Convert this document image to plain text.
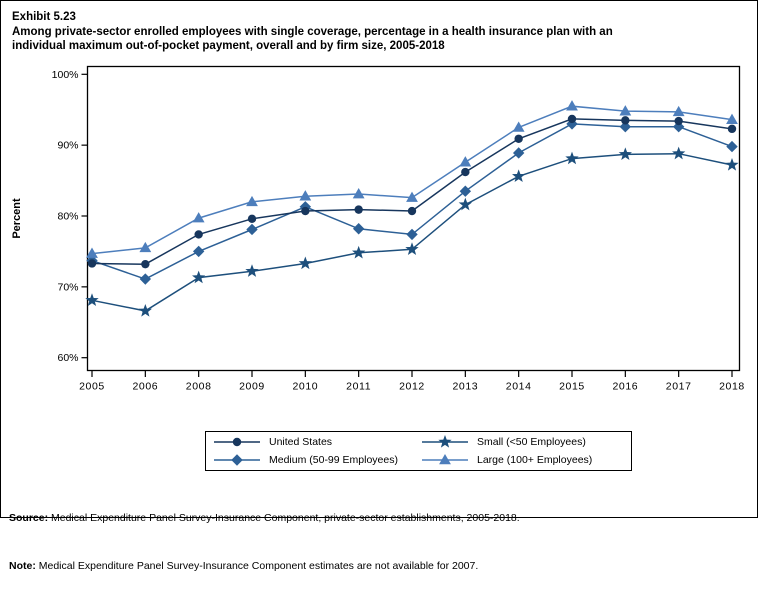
Exhibit 5.23
Among private-sector enrolled employees with single coverage, percentage in a health insurance plan with an
individual maximum out-of-pocket payment, overall and by firm size, 2005-2018
100%
90%
80%
70%
60%
2005	2006	2008	2009	2010	2011	2012	2013	2014	2015	2016	2017	2018
Percent
United States	Small (<50 Employees)
Medium (50-99 Employees)	Large (100+ Employees)

Source: Medical Expenditure Panel Survey-Insurance Component, private-sector establishments, 2005-2018.

Note: Medical Expenditure Panel Survey-Insurance Component estimates are not available for 2007.
